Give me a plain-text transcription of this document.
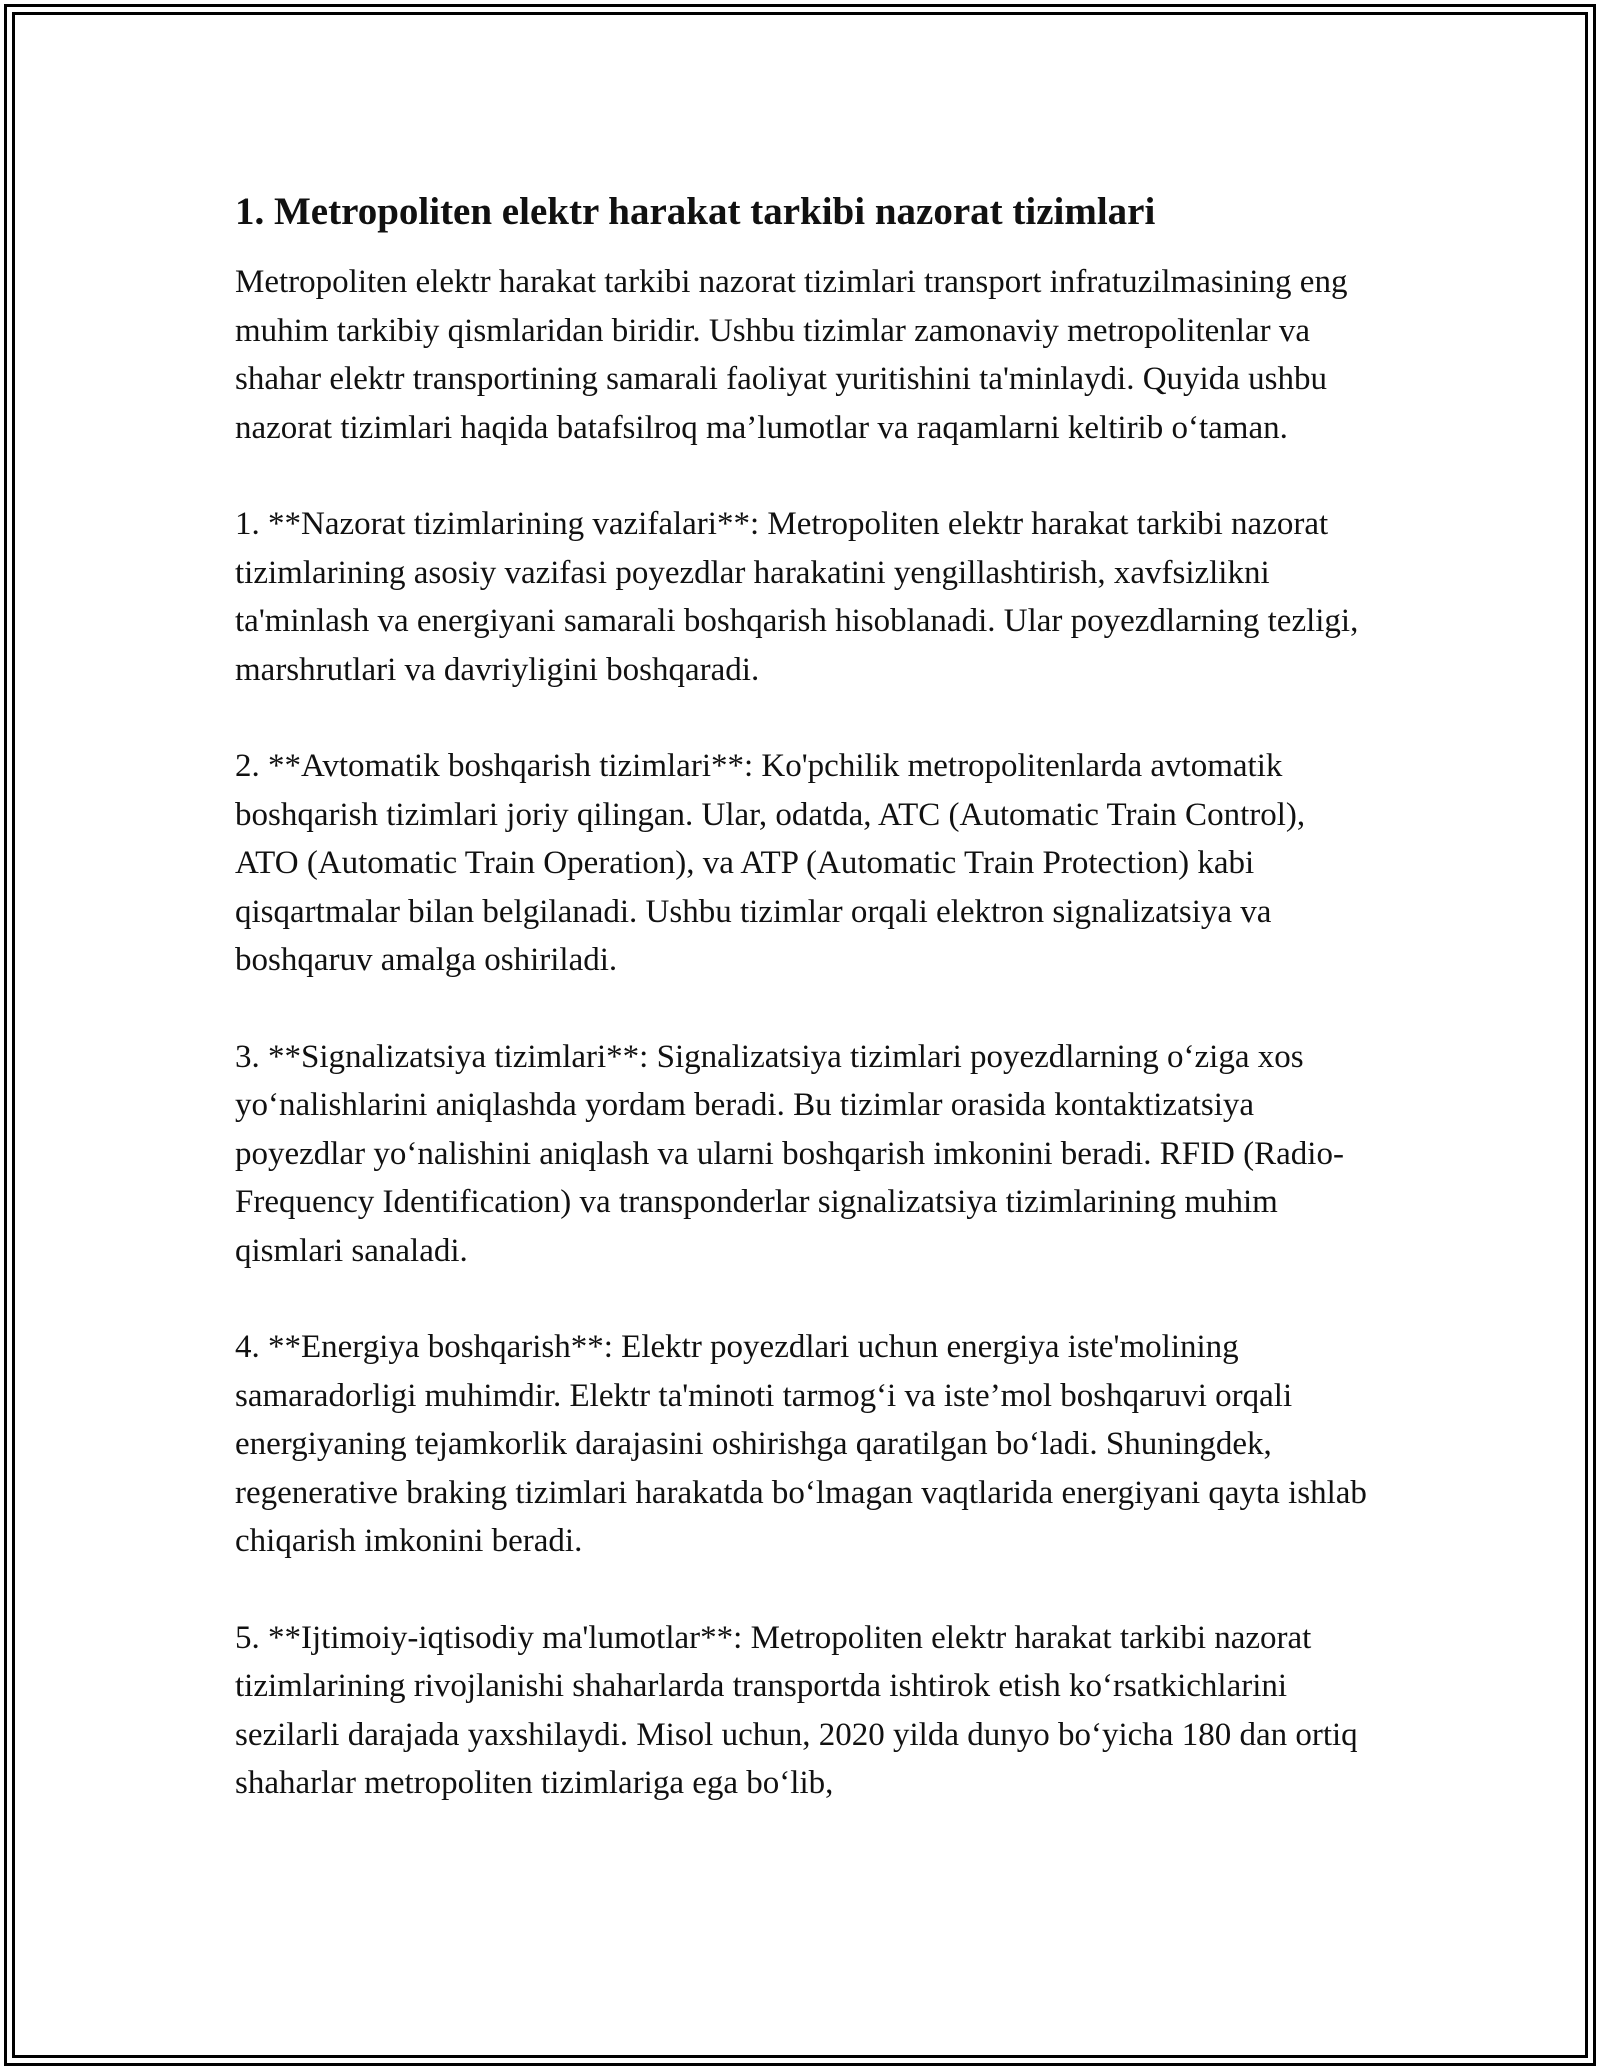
1. Metropoliten elektr harakat tarkibi nazorat tizimlari

Metropoliten elektr harakat tarkibi nazorat tizimlari transport infratuzilmasining eng muhim tarkibiy qismlaridan biridir. Ushbu tizimlar zamonaviy metropolitenlar va shahar elektr transportining samarali faoliyat yuritishini ta'minlaydi. Quyida ushbu nazorat tizimlari haqida batafsilroq ma’lumotlar va raqamlarni keltirib o‘taman.

1. **Nazorat tizimlarining vazifalari**: Metropoliten elektr harakat tarkibi nazorat tizimlarining asosiy vazifasi poyezdlar harakatini yengillashtirish, xavfsizlikni ta'minlash va energiyani samarali boshqarish hisoblanadi. Ular poyezdlarning tezligi, marshrutlari va davriyligini boshqaradi.

2. **Avtomatik boshqarish tizimlari**: Ko'pchilik metropolitenlarda avtomatik boshqarish tizimlari joriy qilingan. Ular, odatda, ATC (Automatic Train Control), ATO (Automatic Train Operation), va ATP (Automatic Train Protection) kabi qisqartmalar bilan belgilanadi. Ushbu tizimlar orqali elektron signalizatsiya va boshqaruv amalga oshiriladi.

3. **Signalizatsiya tizimlari**: Signalizatsiya tizimlari poyezdlarning o‘ziga xos yo‘nalishlarini aniqlashda yordam beradi. Bu tizimlar orasida kontaktizatsiya poyezdlar yo‘nalishini aniqlash va ularni boshqarish imkonini beradi. RFID (Radio-Frequency Identification) va transponderlar signalizatsiya tizimlarining muhim qismlari sanaladi.

4. **Energiya boshqarish**: Elektr poyezdlari uchun energiya iste'molining samaradorligi muhimdir. Elektr ta'minoti tarmog‘i va iste’mol boshqaruvi orqali energiyaning tejamkorlik darajasini oshirishga qaratilgan bo‘ladi. Shuningdek, regenerative braking tizimlari harakatda bo‘lmagan vaqtlarida energiyani qayta ishlab chiqarish imkonini beradi.

5. **Ijtimoiy-iqtisodiy ma'lumotlar**: Metropoliten elektr harakat tarkibi nazorat tizimlarining rivojlanishi shaharlarda transportda ishtirok etish ko‘rsatkichlarini sezilarli darajada yaxshilaydi. Misol uchun, 2020 yilda dunyo bo‘yicha 180 dan ortiq shaharlar metropoliten tizimlariga ega bo‘lib,
